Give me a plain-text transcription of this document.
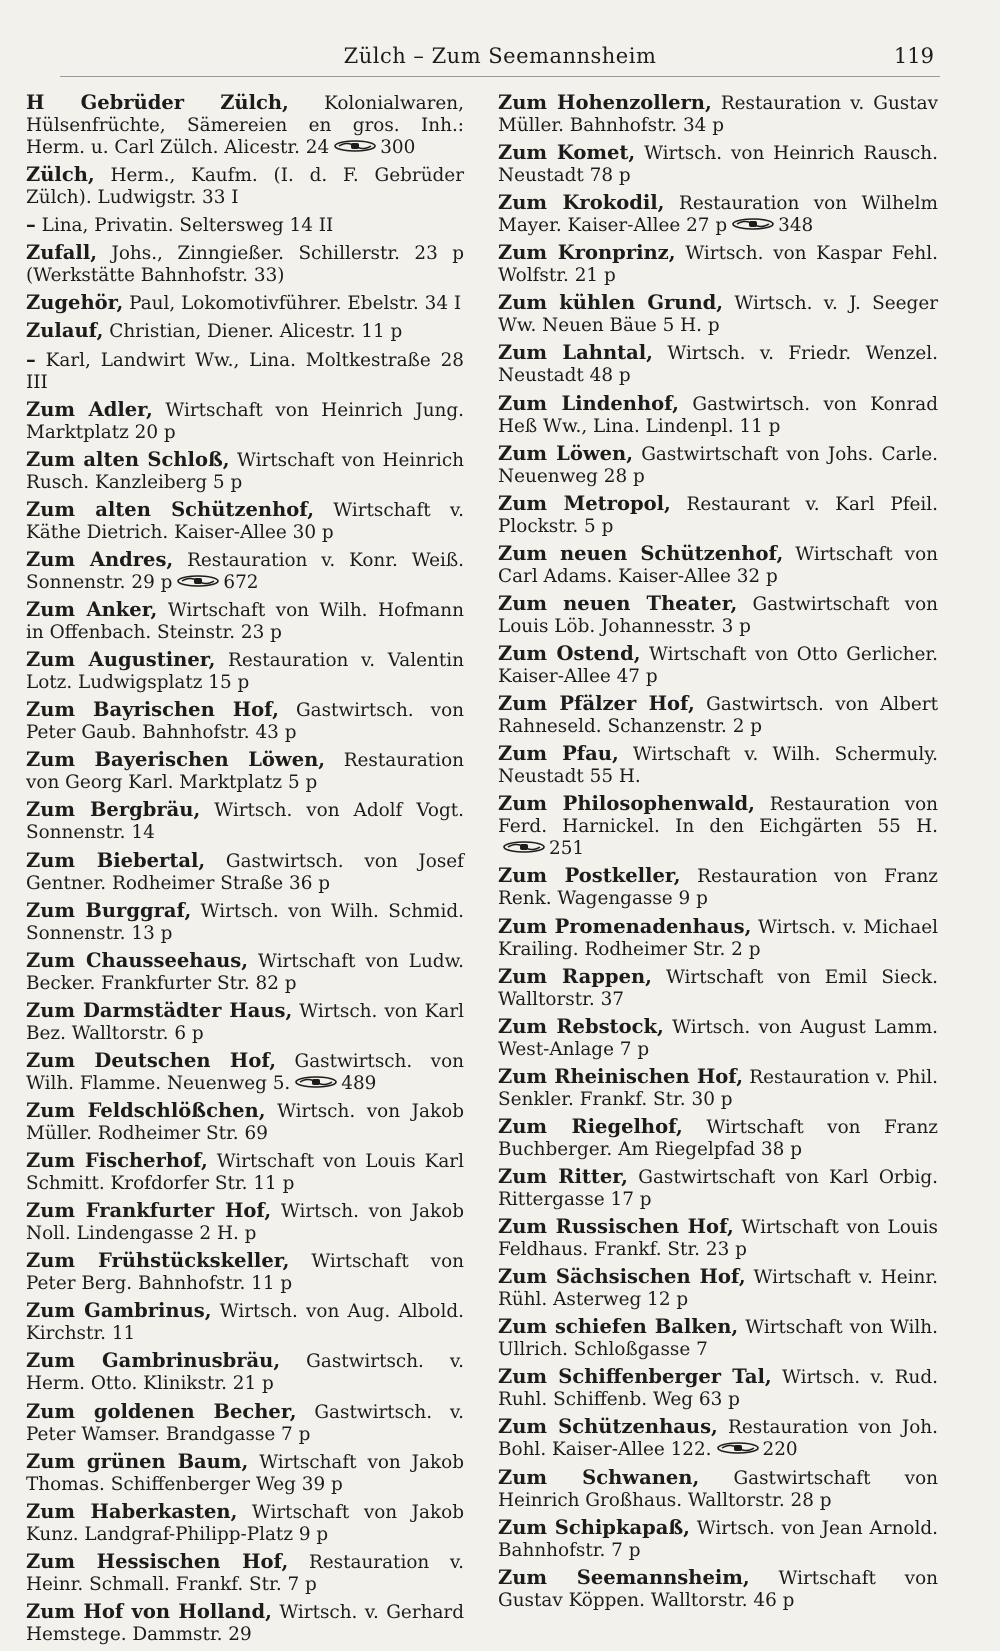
Zülch – Zum Seemannsheim	119
H Gebrüder Zülch, Kolonialwaren, Hülsenfrüchte, Sämereien en gros. Inh.: Herm. u. Carl Zülch. Alicestr. 24	300
Zülch, Herm., Kaufm. (I. d. F. Gebrüder Zülch). Ludwigstr. 33 I
– Lina, Privatin. Seltersweg 14 II
Zufall, Johs., Zinngießer. Schillerstr. 23 p (Werkstätte Bahnhofstr. 33)
Zugehör, Paul, Lokomotivführer. Ebelstr. 34 I
Zulauf, Christian, Diener. Alicestr. 11 p
– Karl, Landwirt Ww., Lina. Moltkestraße 28 III
Zum Adler, Wirtschaft von Heinrich Jung. Marktplatz 20 p
Zum alten Schloß, Wirtschaft von Heinrich Rusch. Kanzleiberg 5 p
Zum alten Schützenhof, Wirtschaft v. Käthe Dietrich. Kaiser-Allee 30 p
Zum Andres, Restauration v. Konr. Weiß. Sonnenstr. 29 p	672
Zum Anker, Wirtschaft von Wilh. Hofmann in Offenbach. Steinstr. 23 p
Zum Augustiner, Restauration v. Valentin Lotz. Ludwigsplatz 15 p
Zum Bayrischen Hof, Gastwirtsch. von Peter Gaub. Bahnhofstr. 43 p
Zum Bayerischen Löwen, Restauration von Georg Karl. Marktplatz 5 p
Zum Bergbräu, Wirtsch. von Adolf Vogt. Sonnenstr. 14
Zum Biebertal, Gastwirtsch. von Josef Gentner. Rodheimer Straße 36 p
Zum Burggraf, Wirtsch. von Wilh. Schmid. Sonnenstr. 13 p
Zum Chausseehaus, Wirtschaft von Ludw. Becker. Frankfurter Str. 82 p
Zum Darmstädter Haus, Wirtsch. von Karl Bez. Walltorstr. 6 p
Zum Deutschen Hof, Gastwirtsch. von Wilh. Flamme. Neuenweg 5.	489
Zum Feldschlößchen, Wirtsch. von Jakob Müller. Rodheimer Str. 69
Zum Fischerhof, Wirtschaft von Louis Karl Schmitt. Krofdorfer Str. 11 p
Zum Frankfurter Hof, Wirtsch. von Jakob Noll. Lindengasse 2 H. p
Zum Frühstückskeller, Wirtschaft von Peter Berg. Bahnhofstr. 11 p
Zum Gambrinus, Wirtsch. von Aug. Albold. Kirchstr. 11
Zum Gambrinusbräu, Gastwirtsch. v. Herm. Otto. Klinikstr. 21 p
Zum goldenen Becher, Gastwirtsch. v. Peter Wamser. Brandgasse 7 p
Zum grünen Baum, Wirtschaft von Jakob Thomas. Schiffenberger Weg 39 p
Zum Haberkasten, Wirtschaft von Jakob Kunz. Landgraf-Philipp-Platz 9 p
Zum Hessischen Hof, Restauration v. Heinr. Schmall. Frankf. Str. 7 p
Zum Hof von Holland, Wirtsch. v. Gerhard Hemstege. Dammstr. 29
Zum Hohenzollern, Restauration v. Gustav Müller. Bahnhofstr. 34 p
Zum Komet, Wirtsch. von Heinrich Rausch. Neustadt 78 p
Zum Krokodil, Restauration von Wilhelm Mayer. Kaiser-Allee 27 p	348
Zum Kronprinz, Wirtsch. von Kaspar Fehl. Wolfstr. 21 p
Zum kühlen Grund, Wirtsch. v. J. Seeger Ww. Neuen Bäue 5 H. p
Zum Lahntal, Wirtsch. v. Friedr. Wenzel. Neustadt 48 p
Zum Lindenhof, Gastwirtsch. von Konrad Heß Ww., Lina. Lindenpl. 11 p
Zum Löwen, Gastwirtschaft von Johs. Carle. Neuenweg 28 p
Zum Metropol, Restaurant v. Karl Pfeil. Plockstr. 5 p
Zum neuen Schützenhof, Wirtschaft von Carl Adams. Kaiser-Allee 32 p
Zum neuen Theater, Gastwirtschaft von Louis Löb. Johannesstr. 3 p
Zum Ostend, Wirtschaft von Otto Gerlicher. Kaiser-Allee 47 p
Zum Pfälzer Hof, Gastwirtsch. von Albert Rahneseld. Schanzenstr. 2 p
Zum Pfau, Wirtschaft v. Wilh. Schermuly. Neustadt 55 H.
Zum Philosophenwald, Restauration von Ferd. Harnickel. In den Eichgärten 55 H.
251
Zum Postkeller, Restauration von Franz Renk. Wagengasse 9 p
Zum Promenadenhaus, Wirtsch. v. Michael Krailing. Rodheimer Str. 2 p
Zum Rappen, Wirtschaft von Emil Sieck. Walltorstr. 37
Zum Rebstock, Wirtsch. von August Lamm. West-Anlage 7 p
Zum Rheinischen Hof, Restauration v. Phil. Senkler. Frankf. Str. 30 p
Zum Riegelhof, Wirtschaft von Franz Buchberger. Am Riegelpfad 38 p
Zum Ritter, Gastwirtschaft von Karl Orbig. Rittergasse 17 p
Zum Russischen Hof, Wirtschaft von Louis Feldhaus. Frankf. Str. 23 p
Zum Sächsischen Hof, Wirtschaft v. Heinr. Rühl. Asterweg 12 p
Zum schiefen Balken, Wirtschaft von Wilh. Ullrich. Schloßgasse 7
Zum Schiffenberger Tal, Wirtsch. v. Rud. Ruhl. Schiffenb. Weg 63 p
Zum Schützenhaus, Restauration von Joh. Bohl. Kaiser-Allee 122.	220
Zum Schwanen, Gastwirtschaft von Heinrich Großhaus. Walltorstr. 28 p
Zum Schipkapaß, Wirtsch. von Jean Arnold. Bahnhofstr. 7 p
Zum Seemannsheim, Wirtschaft von Gustav Köppen. Walltorstr. 46 p
